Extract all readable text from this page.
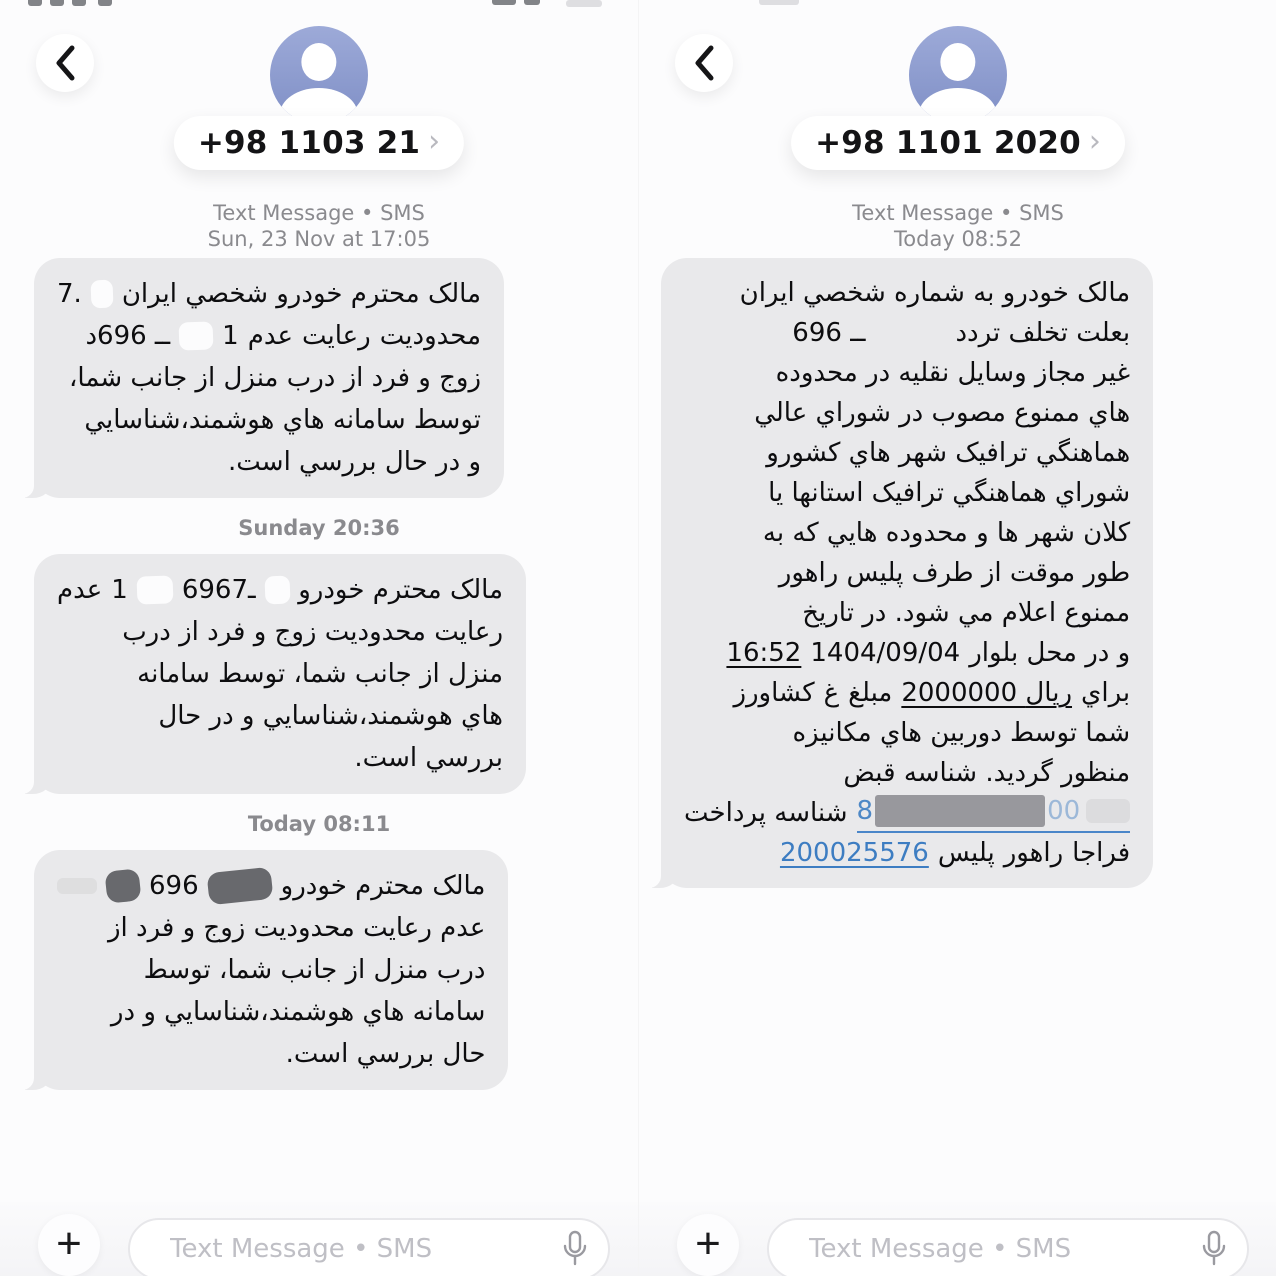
+98 1103 21 ›
Text Message • SMS
Sun, 23 Nov at 17:05
7. مالک محترم خودرو شخصي ايران
ــ 696د 1 عدم رعايت محدوديت
زوج و فرد از درب منزل از جانب شما،
توسط سامانه هاي هوشمند،شناسايي
و در حال بررسي است.
Sunday 20:36
عدم 1 696ـ7 مالک محترم خودرو
رعايت محدوديت زوج و فرد از درب
منزل از جانب شما، توسط سامانه
هاي هوشمند،شناسايي و در حال
بررسي است.
Today 08:11
696	مالک محترم خودرو
عدم رعايت محدوديت زوج و فرد از
درب منزل از جانب شما، توسط
سامانه هاي هوشمند،شناسايي و در
حال بررسي است.
+
Text Message • SMS
+98 1101 2020 ›
Text Message • SMS
Today 08:52
مالک خودرو به شماره شخصي ايران
ــ 696	بعلت تخلف تردد
غير مجاز وسايل نقليه در محدوده
هاي ممنوع مصوب در شوراي عالي
هماهنگي ترافيک شهر هاي کشورو
شوراي هماهنگي ترافيک استانها يا
کلان شهر ها و محدوده هايي که به
طور موقت از طرف پليس راهور
ممنوع اعلام مي شود. در تاريخ
16:52 1404/09/04 و در محل بلوار
کشاورز غ مبلغ 2000000 ريال براي
شما توسط دوربين هاي مکانيزه
منظور گرديد. شناسه قبض
شناسه پرداخت 8	00
200025576 پليس راهور فراجا
+
Text Message • SMS
